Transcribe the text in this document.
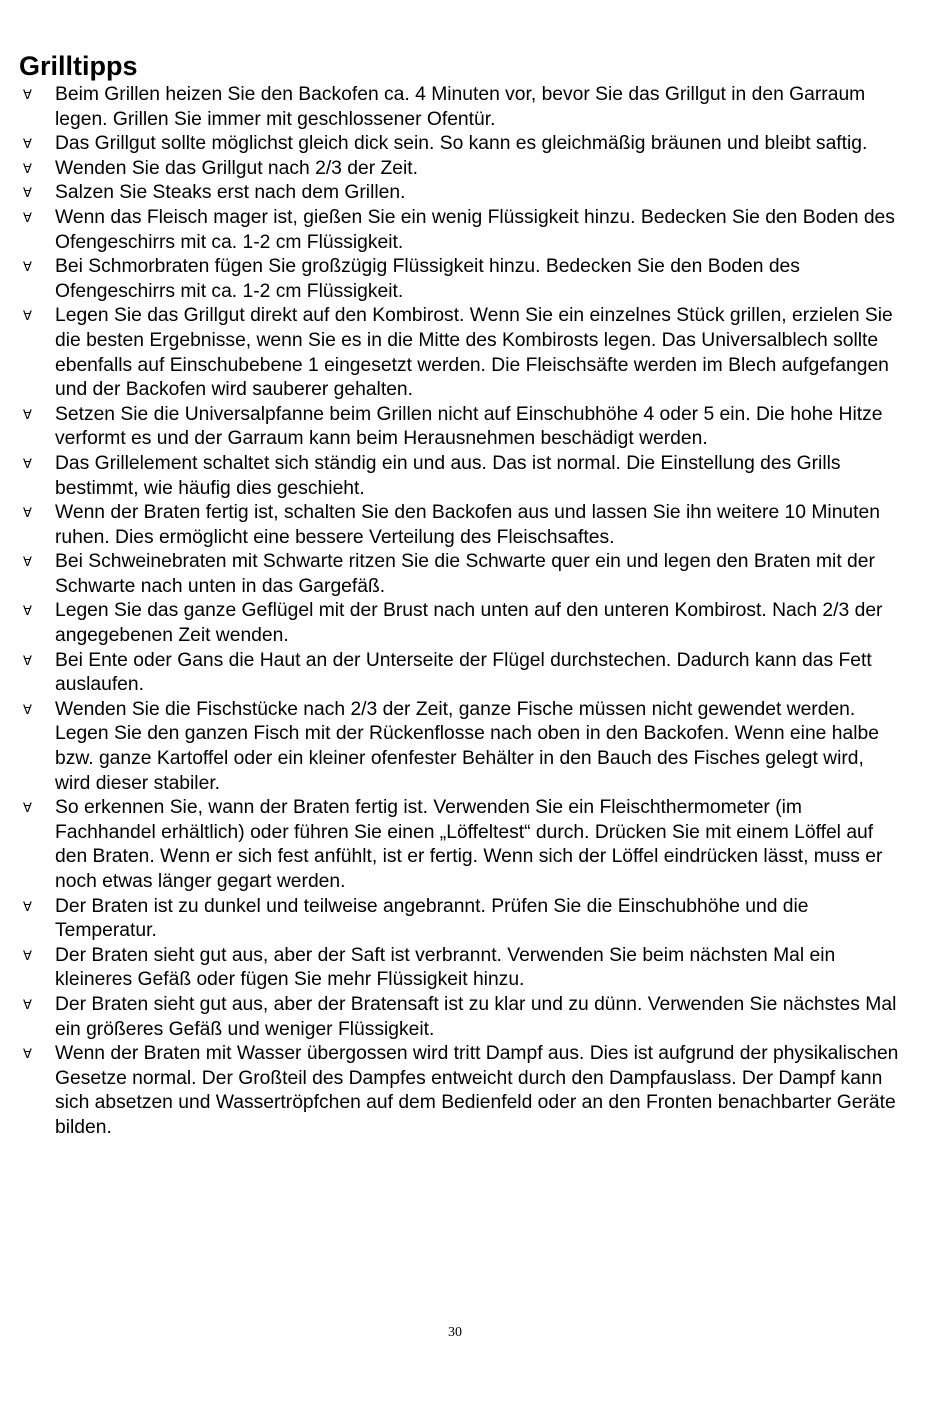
Grilltipps
Ɐ Beim Grillen heizen Sie den Backofen ca. 4 Minuten vor, bevor Sie das Grillgut in den Garraum legen. Grillen Sie immer mit geschlossener Ofentür.
Ɐ Das Grillgut sollte möglichst gleich dick sein. So kann es gleichmäßig bräunen und bleibt saftig.
Ɐ Wenden Sie das Grillgut nach 2/3 der Zeit.
Ɐ Salzen Sie Steaks erst nach dem Grillen.
Ɐ Wenn das Fleisch mager ist, gießen Sie ein wenig Flüssigkeit hinzu. Bedecken Sie den Boden des Ofengeschirrs mit ca. 1-2 cm Flüssigkeit.
Ɐ Bei Schmorbraten fügen Sie großzügig Flüssigkeit hinzu. Bedecken Sie den Boden des Ofengeschirrs mit ca. 1-2 cm Flüssigkeit.
Ɐ Legen Sie das Grillgut direkt auf den Kombirost. Wenn Sie ein einzelnes Stück grillen, erzielen Sie die besten Ergebnisse, wenn Sie es in die Mitte des Kombirosts legen. Das Universalblech sollte ebenfalls auf Einschubebene 1 eingesetzt werden. Die Fleischsäfte werden im Blech aufgefangen und der Backofen wird sauberer gehalten.
Ɐ Setzen Sie die Universalpfanne beim Grillen nicht auf Einschubhöhe 4 oder 5 ein. Die hohe Hitze verformt es und der Garraum kann beim Herausnehmen beschädigt werden.
Ɐ Das Grillelement schaltet sich ständig ein und aus. Das ist normal. Die Einstellung des Grills bestimmt, wie häufig dies geschieht.
Ɐ Wenn der Braten fertig ist, schalten Sie den Backofen aus und lassen Sie ihn weitere 10 Minuten ruhen. Dies ermöglicht eine bessere Verteilung des Fleischsaftes.
Ɐ Bei Schweinebraten mit Schwarte ritzen Sie die Schwarte quer ein und legen den Braten mit der Schwarte nach unten in das Gargefäß.
Ɐ Legen Sie das ganze Geflügel mit der Brust nach unten auf den unteren Kombirost. Nach 2/3 der angegebenen Zeit wenden.
Ɐ Bei Ente oder Gans die Haut an der Unterseite der Flügel durchstechen. Dadurch kann das Fett auslaufen.
Ɐ Wenden Sie die Fischstücke nach 2/3 der Zeit, ganze Fische müssen nicht gewendet werden. Legen Sie den ganzen Fisch mit der Rückenflosse nach oben in den Backofen. Wenn eine halbe bzw. ganze Kartoffel oder ein kleiner ofenfester Behälter in den Bauch des Fisches gelegt wird, wird dieser stabiler.
Ɐ So erkennen Sie, wann der Braten fertig ist. Verwenden Sie ein Fleischthermometer (im Fachhandel erhältlich) oder führen Sie einen „Löffeltest“ durch. Drücken Sie mit einem Löffel auf den Braten. Wenn er sich fest anfühlt, ist er fertig. Wenn sich der Löffel eindrücken lässt, muss er noch etwas länger gegart werden.
Ɐ Der Braten ist zu dunkel und teilweise angebrannt. Prüfen Sie die Einschubhöhe und die Temperatur.
Ɐ Der Braten sieht gut aus, aber der Saft ist verbrannt. Verwenden Sie beim nächsten Mal ein kleineres Gefäß oder fügen Sie mehr Flüssigkeit hinzu.
Ɐ Der Braten sieht gut aus, aber der Bratensaft ist zu klar und zu dünn. Verwenden Sie nächstes Mal ein größeres Gefäß und weniger Flüssigkeit.
Ɐ Wenn der Braten mit Wasser übergossen wird tritt Dampf aus. Dies ist aufgrund der physikalischen Gesetze normal. Der Großteil des Dampfes entweicht durch den Dampfauslass. Der Dampf kann sich absetzen und Wassertröpfchen auf dem Bedienfeld oder an den Fronten benachbarter Geräte bilden.
30
